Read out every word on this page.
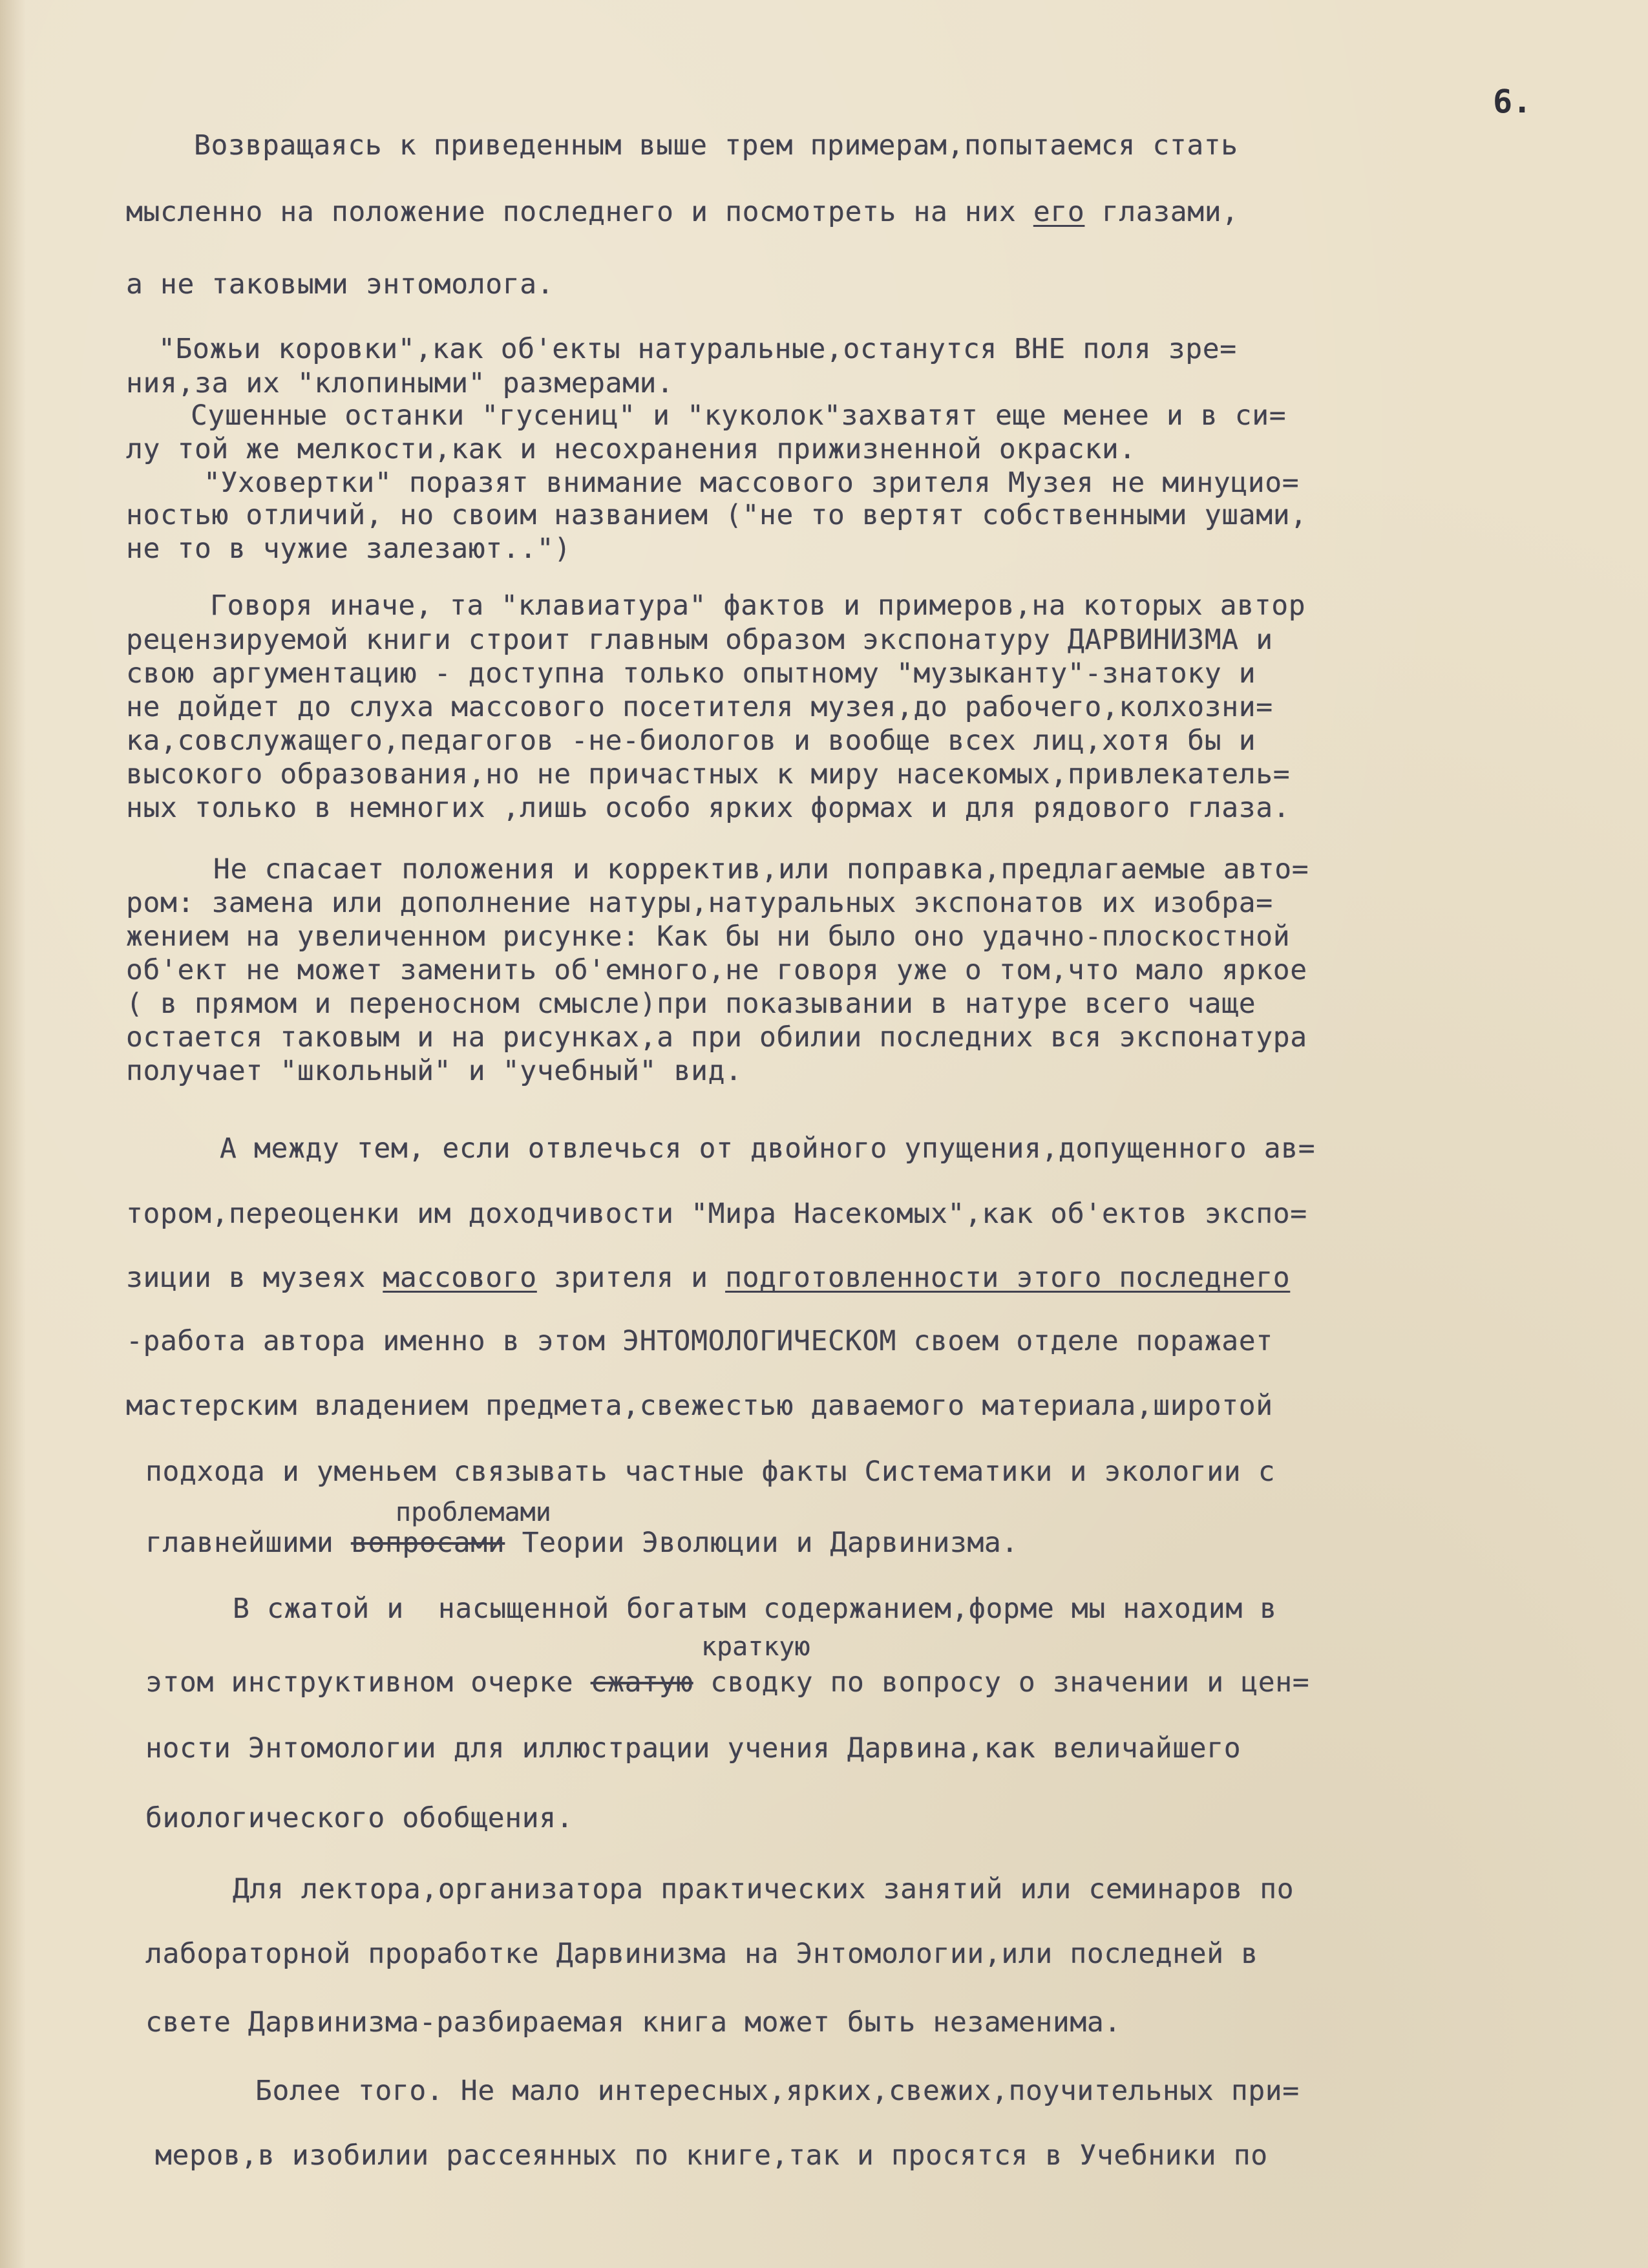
6.
Возвращаясь к приведенным выше трем примерам,попытаемся стать
мысленно на положение последнего и посмотреть на них его глазами,
а не таковыми энтомолога.
"Божьи коровки",как об'екты натуральные,останутся ВНЕ поля зре=
ния,за их "клопиными" размерами.
Сушенные останки "гусениц" и "куколок"захватят еще менее и в си=
лу той же мелкости,как и несохранения прижизненной окраски.
"Уховертки" поразят внимание массового зрителя Музея не минуцио=
ностью отличий, но своим названием ("не то вертят собственными ушами,
не то в чужие залезают..")
Говоря иначе, та "клавиатура" фактов и примеров,на которых автор
рецензируемой книги строит главным образом экспонатуру ДАРВИНИЗМА и
свою аргументацию - доступна только опытному "музыканту"-знатоку и
не дойдет до слуха массового посетителя музея,до рабочего,колхозни=
ка,совслужащего,педагогов -не-биологов и вообще всех лиц,хотя бы и
высокого образования,но не причастных к миру насекомых,привлекатель=
ных только в немногих ,лишь особо ярких формах и для рядового глаза.
Не спасает положения и корректив,или поправка,предлагаемые авто=
ром: замена или дополнение натуры,натуральных экспонатов их изобра=
жением на увеличенном рисунке: Как бы ни было оно удачно-плоскостной
об'ект не может заменить об'емного,не говоря уже о том,что мало яркое
( в прямом и переносном смысле)при показывании в натуре всего чаще
остается таковым и на рисунках,а при обилии последних вся экспонатура
получает "школьный" и "учебный" вид.
А между тем, если отвлечься от двойного упущения,допущенного ав=
тором,переоценки им доходчивости "Мира Насекомых",как об'ектов экспо=
зиции в музеях массового зрителя и подготовленности этого последнего
-работа автора именно в этом ЭНТОМОЛОГИЧЕСКОМ своем отделе поражает
мастерским владением предмета,свежестью даваемого материала,широтой
подхода и уменьем связывать частные факты Систематики и экологии с
проблемами
главнейшими вопросами Теории Эволюции и Дарвинизма.
В сжатой и  насыщенной богатым содержанием,форме мы находим в
краткую
этом инструктивном очерке сжатую сводку по вопросу о значении и цен=
ности Энтомологии для иллюстрации учения Дарвина,как величайшего
биологического обобщения.
Для лектора,организатора практических занятий или семинаров по
лабораторной проработке Дарвинизма на Энтомологии,или последней в
свете Дарвинизма-разбираемая книга может быть незаменима.
Более того. Не мало интересных,ярких,свежих,поучительных при=
меров,в изобилии рассеянных по книге,так и просятся в Учебники по
